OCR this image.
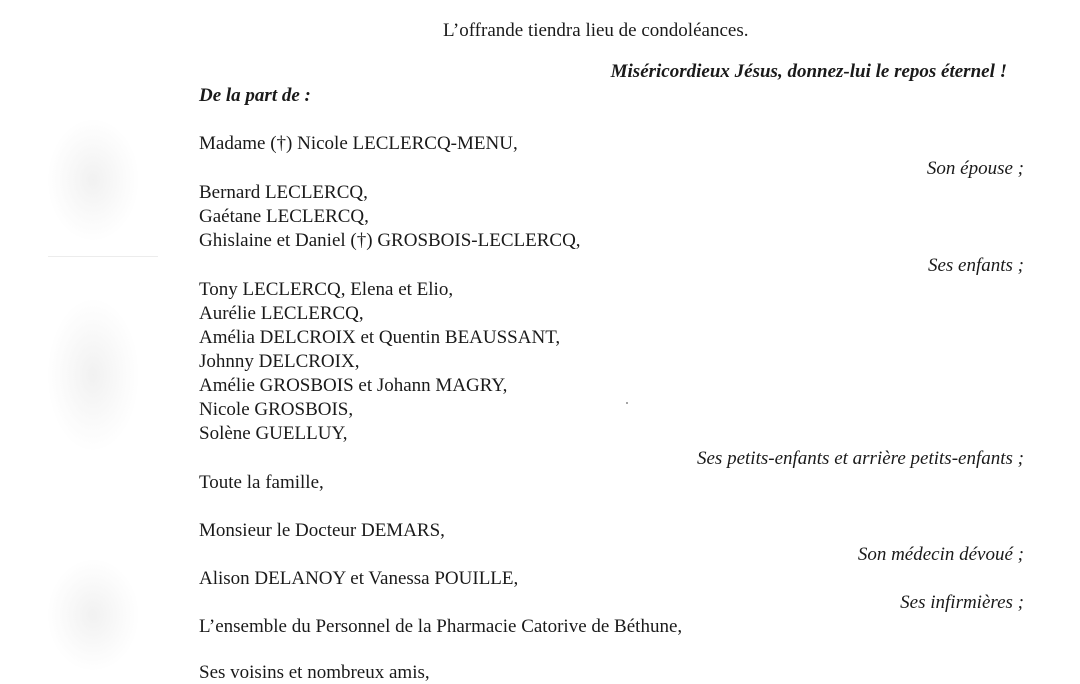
L’offrande tiendra lieu de condoléances.
Miséricordieux Jésus, donnez-lui le repos éternel !
De la part de :
Madame (†) Nicole LECLERCQ-MENU,
Son épouse ;
Bernard LECLERCQ,
Gaétane LECLERCQ,
Ghislaine et Daniel (†) GROSBOIS-LECLERCQ,
Ses enfants ;
Tony LECLERCQ, Elena et Elio,
Aurélie LECLERCQ,
Amélia DELCROIX et Quentin BEAUSSANT,
Johnny DELCROIX,
Amélie GROSBOIS et Johann MAGRY,
Nicole GROSBOIS,
Solène GUELLUY,
Ses petits-enfants et arrière petits-enfants ;
Toute la famille,
Monsieur le Docteur DEMARS,
Son médecin dévoué ;
Alison DELANOY et Vanessa POUILLE,
Ses infirmières ;
L’ensemble du Personnel de la Pharmacie Catorive de Béthune,
Ses voisins et nombreux amis,
